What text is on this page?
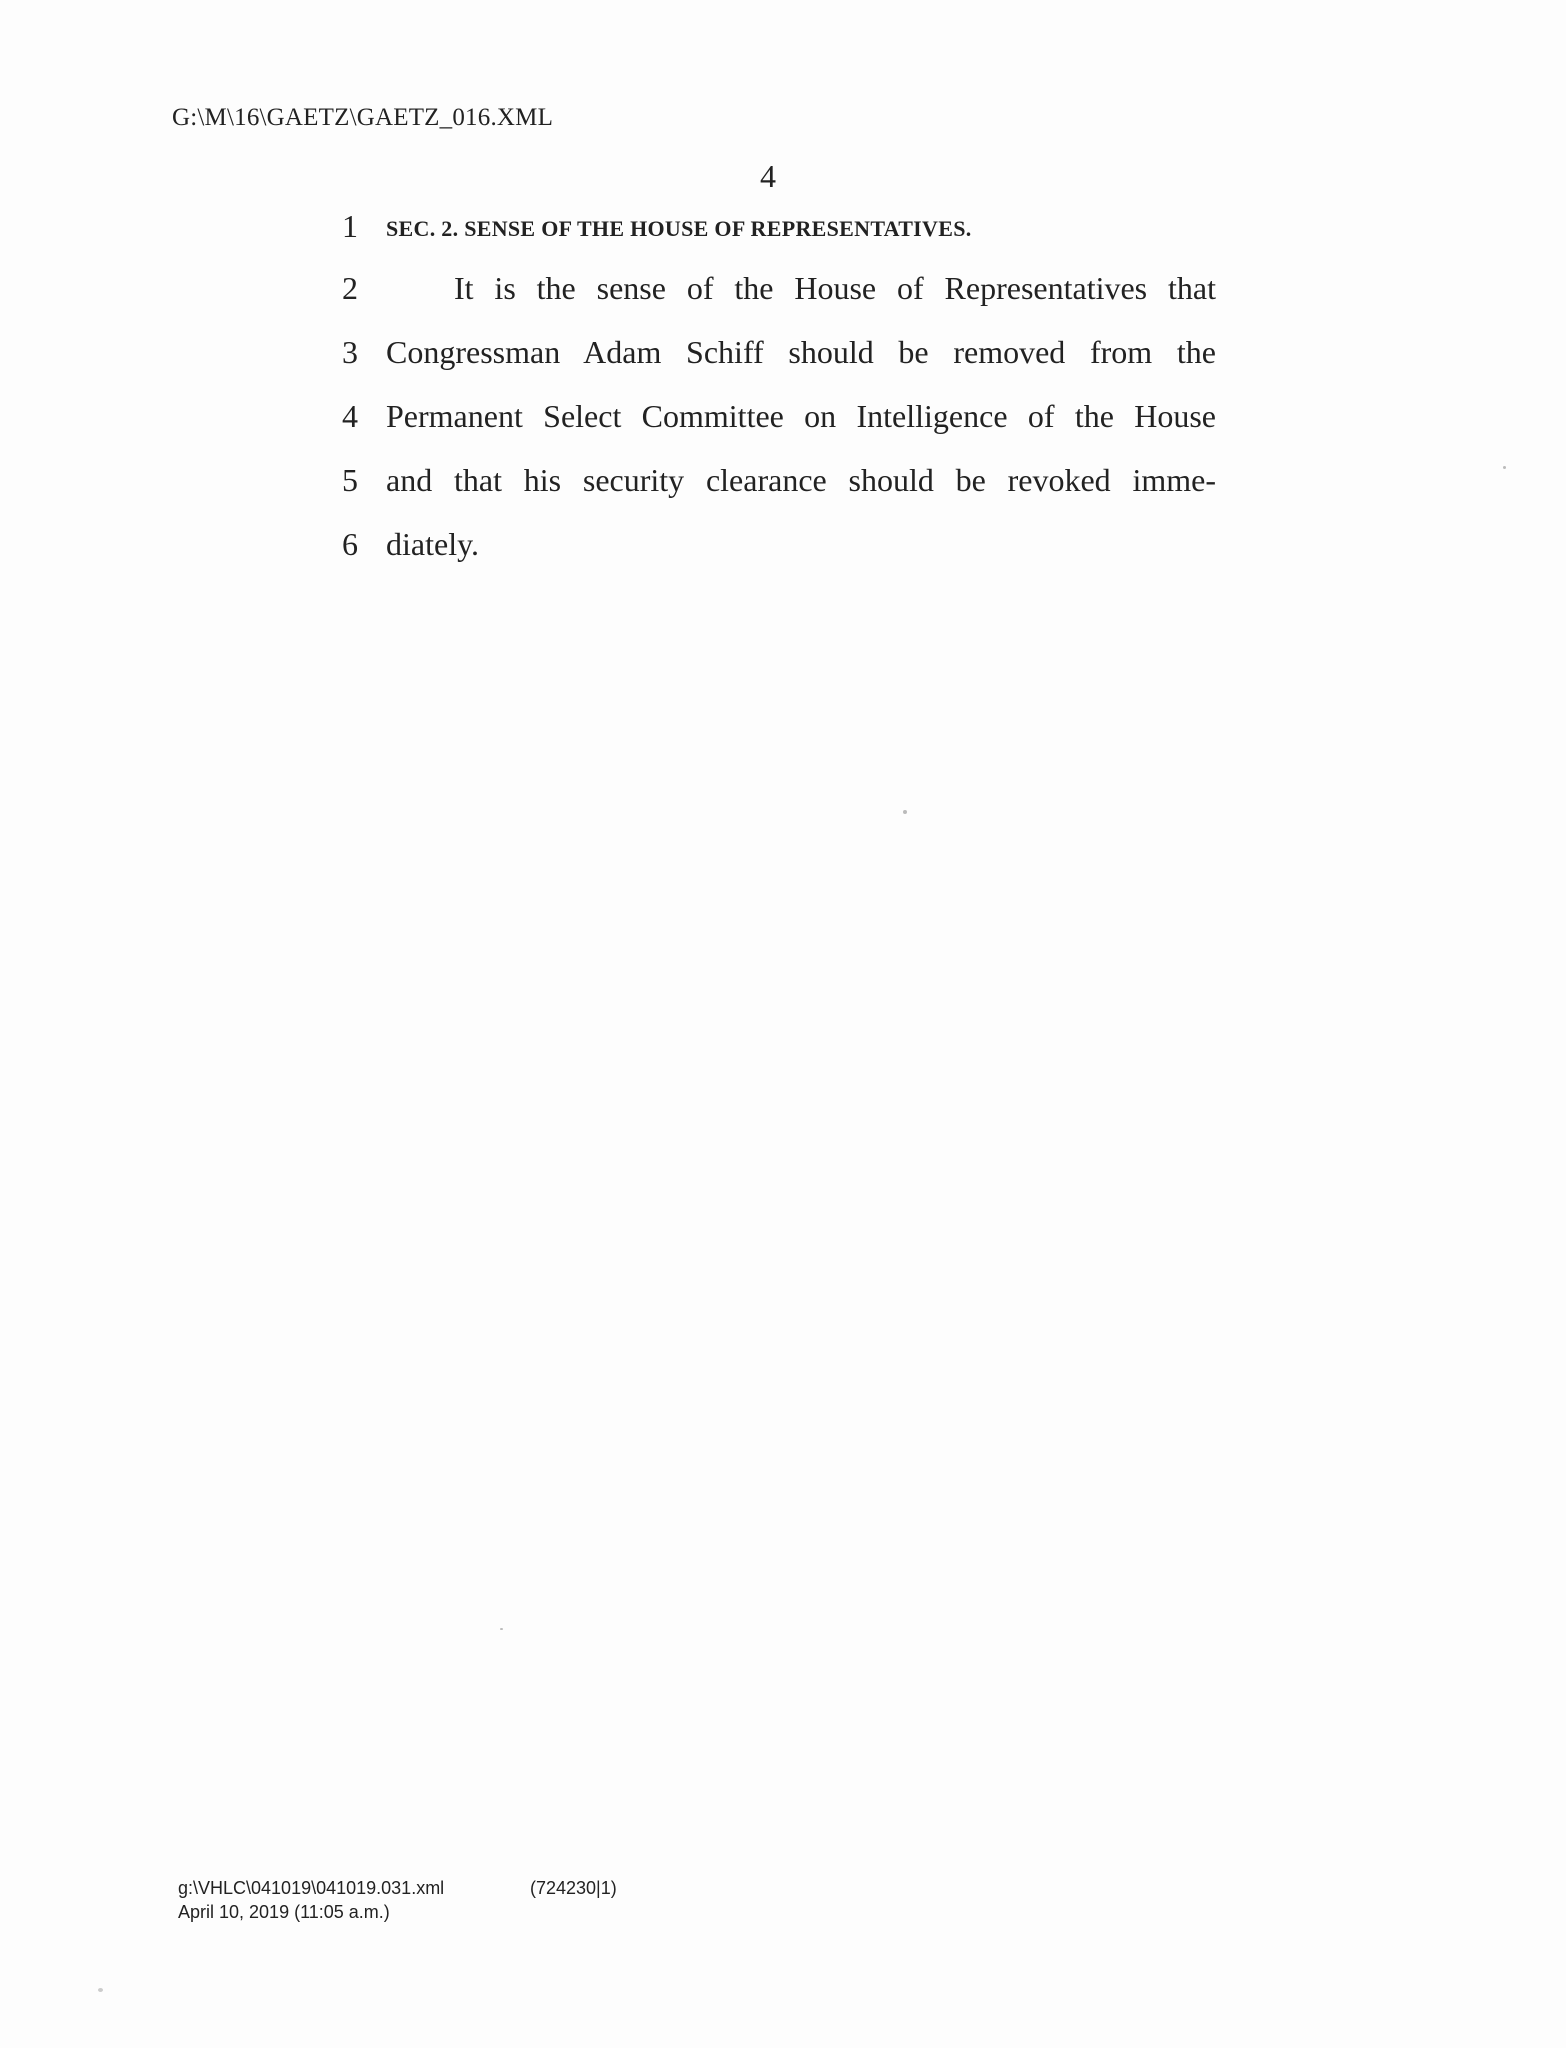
G:\M\16\GAETZ\GAETZ_016.XML
4
1	SEC. 2. SENSE OF THE HOUSE OF REPRESENTATIVES.
2	It is the sense of the House of Representatives that
3 Congressman Adam Schiff should be removed from the
4 Permanent Select Committee on Intelligence of the House
5 and that his security clearance should be revoked imme-
6 diately.
g:\VHLC\041019\041019.031.xml	(724230|1)
April 10, 2019 (11:05 a.m.)
